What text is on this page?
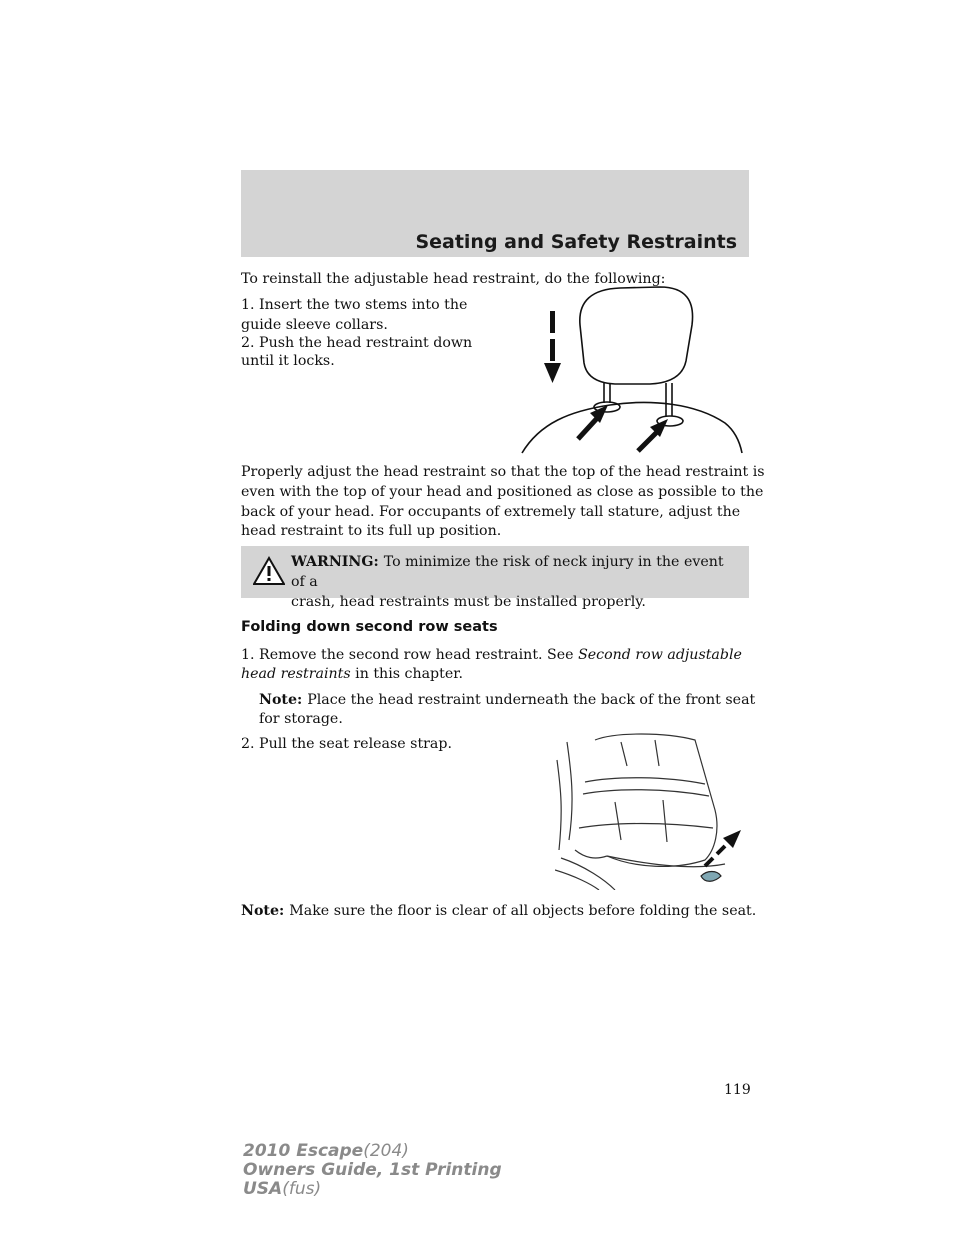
Seating and Safety Restraints

To reinstall the adjustable head restraint, do the following:

1. Insert the two stems into the

guide sleeve collars.

2. Push the head restraint down

until it locks.

Properly adjust the head restraint so that the top of the head restraint is

even with the top of your head and positioned as close as possible to the

back of your head. For occupants of extremely tall stature, adjust the

head restraint to its full up position.

WARNING: To minimize the risk of neck injury in the event of a
crash, head restraints must be installed properly.
Folding down second row seats

1. Remove the second row head restraint. See Second row adjustable

head restraints in this chapter.

Note: Place the head restraint underneath the back of the front seat

for storage.

2. Pull the seat release strap.

Note: Make sure the floor is clear of all objects before folding the seat.

119
2010 Escape(204)
Owners Guide, 1st Printing
USA(fus)
